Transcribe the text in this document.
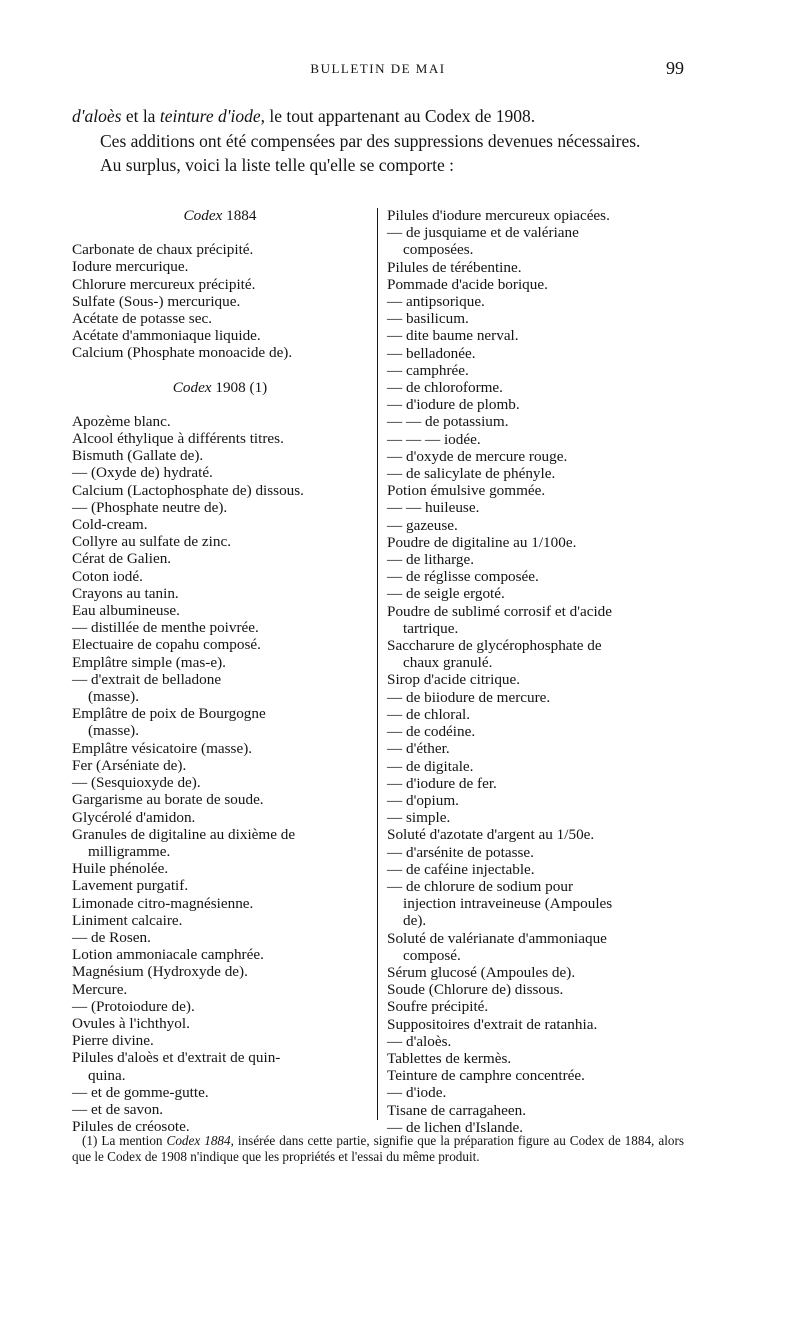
BULLETIN DE MAI	99

d'aloès et la teinture d'iode, le tout appartenant au Codex de 1908.

Ces additions ont été compensées par des suppressions devenues nécessaires.

Au surplus, voici la liste telle qu'elle se comporte :

Codex 1884
Carbonate de chaux précipité.
Iodure mercurique.
Chlorure mercureux précipité.
Sulfate (Sous-) mercurique.
Acétate de potasse sec.
Acétate d'ammoniaque liquide.
Calcium (Phosphate monoacide de).
Codex 1908 (1)
Apozème blanc.
Alcool éthylique à différents titres.
Bismuth (Gallate de).
— (Oxyde de) hydraté.
Calcium (Lactophosphate de) dissous.
— (Phosphate neutre de).
Cold-cream.
Collyre au sulfate de zinc.
Cérat de Galien.
Coton iodé.
Crayons au tanin.
Eau albumineuse.
— distillée de menthe poivrée.
Electuaire de copahu composé.
Emplâtre simple (mas-e).
— d'extrait de belladone
(masse).
Emplâtre de poix de Bourgogne
(masse).
Emplâtre vésicatoire (masse).
Fer (Arséniate de).
— (Sesquioxyde de).
Gargarisme au borate de soude.
Glycérolé d'amidon.
Granules de digitaline au dixième de
milligramme.
Huile phénolée.
Lavement purgatif.
Limonade citro-magnésienne.
Liniment calcaire.
— de Rosen.
Lotion ammoniacale camphrée.
Magnésium (Hydroxyde de).
Mercure.
— (Protoiodure de).
Ovules à l'ichthyol.
Pierre divine.
Pilules d'aloès et d'extrait de quin-
quina.
— et de gomme-gutte.
— et de savon.
Pilules de créosote.
Pilules d'iodure mercureux opiacées.
— de jusquiame et de valériane
composées.
Pilules de térébentine.
Pommade d'acide borique.
— antipsorique.
— basilicum.
— dite baume nerval.
— belladonée.
— camphrée.
— de chloroforme.
— d'iodure de plomb.
— — de potassium.
— — — iodée.
— d'oxyde de mercure rouge.
— de salicylate de phényle.
Potion émulsive gommée.
— — huileuse.
— gazeuse.
Poudre de digitaline au 1/100e.
— de litharge.
— de réglisse composée.
— de seigle ergoté.
Poudre de sublimé corrosif et d'acide
tartrique.
Saccharure de glycérophosphate de
chaux granulé.
Sirop d'acide citrique.
— de biiodure de mercure.
— de chloral.
— de codéine.
— d'éther.
— de digitale.
— d'iodure de fer.
— d'opium.
— simple.
Soluté d'azotate d'argent au 1/50e.
— d'arsénite de potasse.
— de caféine injectable.
— de chlorure de sodium pour
injection intraveineuse (Ampoules
de).
Soluté de valérianate d'ammoniaque
composé.
Sérum glucosé (Ampoules de).
Soude (Chlorure de) dissous.
Soufre précipité.
Suppositoires d'extrait de ratanhia.
— d'aloès.
Tablettes de kermès.
Teinture de camphre concentrée.
— d'iode.
Tisane de carragaheen.
— de lichen d'Islande.

(1) La mention Codex 1884, insérée dans cette partie, signifie que la préparation figure au Codex de 1884, alors que le Codex de 1908 n'indique que les propriétés et l'essai du même produit.
